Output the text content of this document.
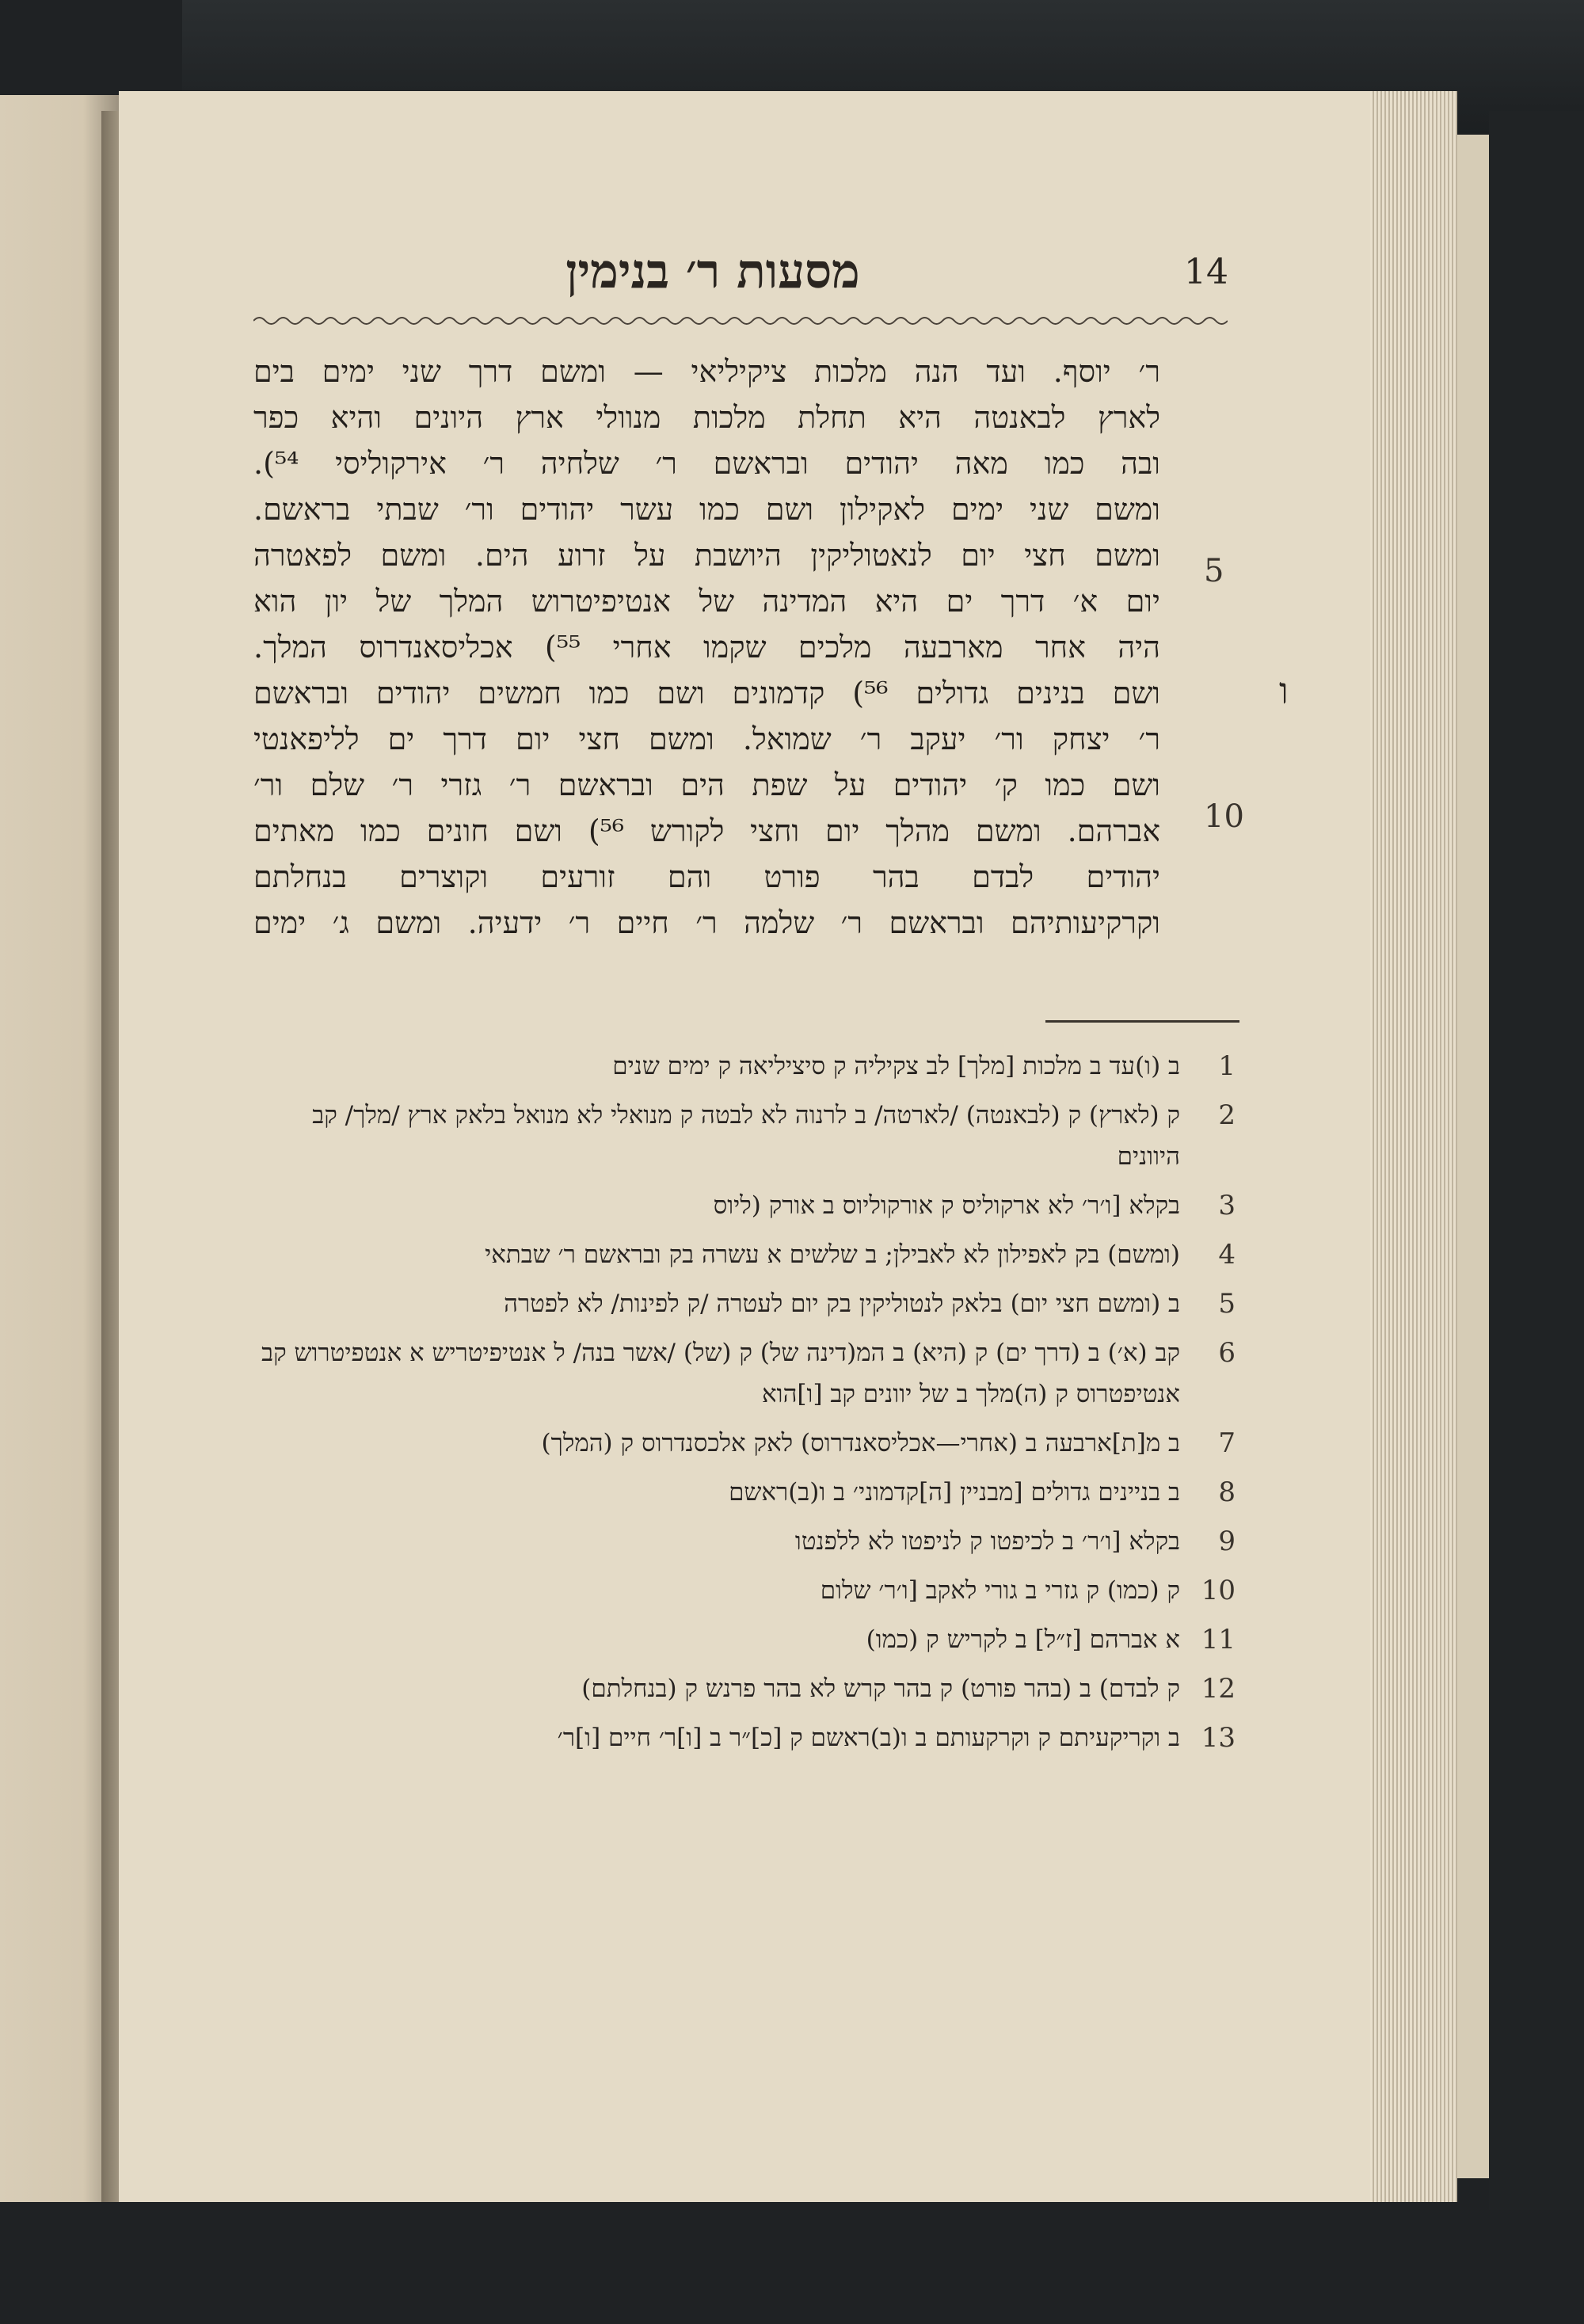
מסעות ר׳ בנימין	14
ר׳ יוסף. ועד הנה מלכות ציקיליאי — ומשם דרך שני ימים בים
לארץ לבאנטה היא תחלת מלכות מנוולי ארץ היונים והיא כפר
ובה כמו מאה יהודים ובראשם ר׳ שלחיה ר׳ אירקוליסי ⁵⁴).
ומשם שני ימים לאקילון ושם כמו עשר יהודים ור׳ שבתי בראשם.
ומשם חצי יום לנאטוליקין היושבת על זרוע הים. ומשם לפאטרה
יום א׳ דרך ים היא המדינה של אנטיפיטרוש המלך של יון הוא
היה אחר מארבעה מלכים שקמו אחרי ⁵⁵) אכליסאנדרוס המלך.
ושם בנינים גדולים ⁵⁶) קדמונים ושם כמו חמשים יהודים ובראשם
ר׳ יצחק ור׳ יעקב ר׳ שמואל. ומשם חצי יום דרך ים לליפאנטי
ושם כמו ק׳ יהודים על שפת הים ובראשם ר׳ גזרי ר׳ שלם ור׳
אברהם. ומשם מהלך יום וחצי לקורש ⁵⁶) ושם חונים כמו מאתים
יהודים לבדם בהר פורט והם זורעים וקוצרים בנחלתם
וקרקיעותיהם ובראשם ר׳ שלמה ר׳ חיים ר׳ ידעיה. ומשם ג׳ ימים
5
10
ו
ב (ו)עד ב מלכות [מלך] לב צקיליה ק סיציליאה ק ימים שנים	1
ק (לארץ) ק (לבאנטה) /לארטה/ ב לרנוה לא לבטה ק מנואלי לא מנואל בלאק ארץ /מלך/ קב היוונים
2
בקלא [ו׳ר׳ לא ארקוליס ק אורקוליוס ב אורק (ליוס	3
(ומשם) בק לאפילון לא לאבילן; ב שלשים א עשרה בק ובראשם ר׳ שבתאי	4
ב (ומשם חצי יום) בלאק לנטוליקין בק יום לעטרה /ק לפינות/ לא לפטרה	5
קב (א׳) ב (דרך ים) ק (היא) ב המ(דינה של) ק (של) /אשר בנה/ ל אנטיפיטריש א אנטפיטרוש קב אנטיפטרוס ק (ה)מלך ב של יוונים קב [ו]הוא
6
ב מ[ת]ארבעה ב (אחרי—אכליסאנדרוס) לאק אלכסנדרוס ק (המלך)	7
ב בניינים גדולים [מבניין [ה]קדמוני׳ ב ו(ב)ראשם	8
בקלא [ו׳ר׳ ב לכיפטו ק לניפטו לא ללפנטו	9
ק (כמו) ק גזרי ב גורי לאקב [ו׳ר׳ שלום 10
א אברהם [ז״ל] ב לקריש ק (כמו) 11
ק לבדם) ב (בהר פורט) ק בהר קרש לא בהר פרנש ק (בנחלתם) 12
ב וקריקעיתם ק וקרקעותם ב ו(ב)ראשם ק [כ]״ר ב [ו]ר׳ חיים [ו]ר׳ 13
